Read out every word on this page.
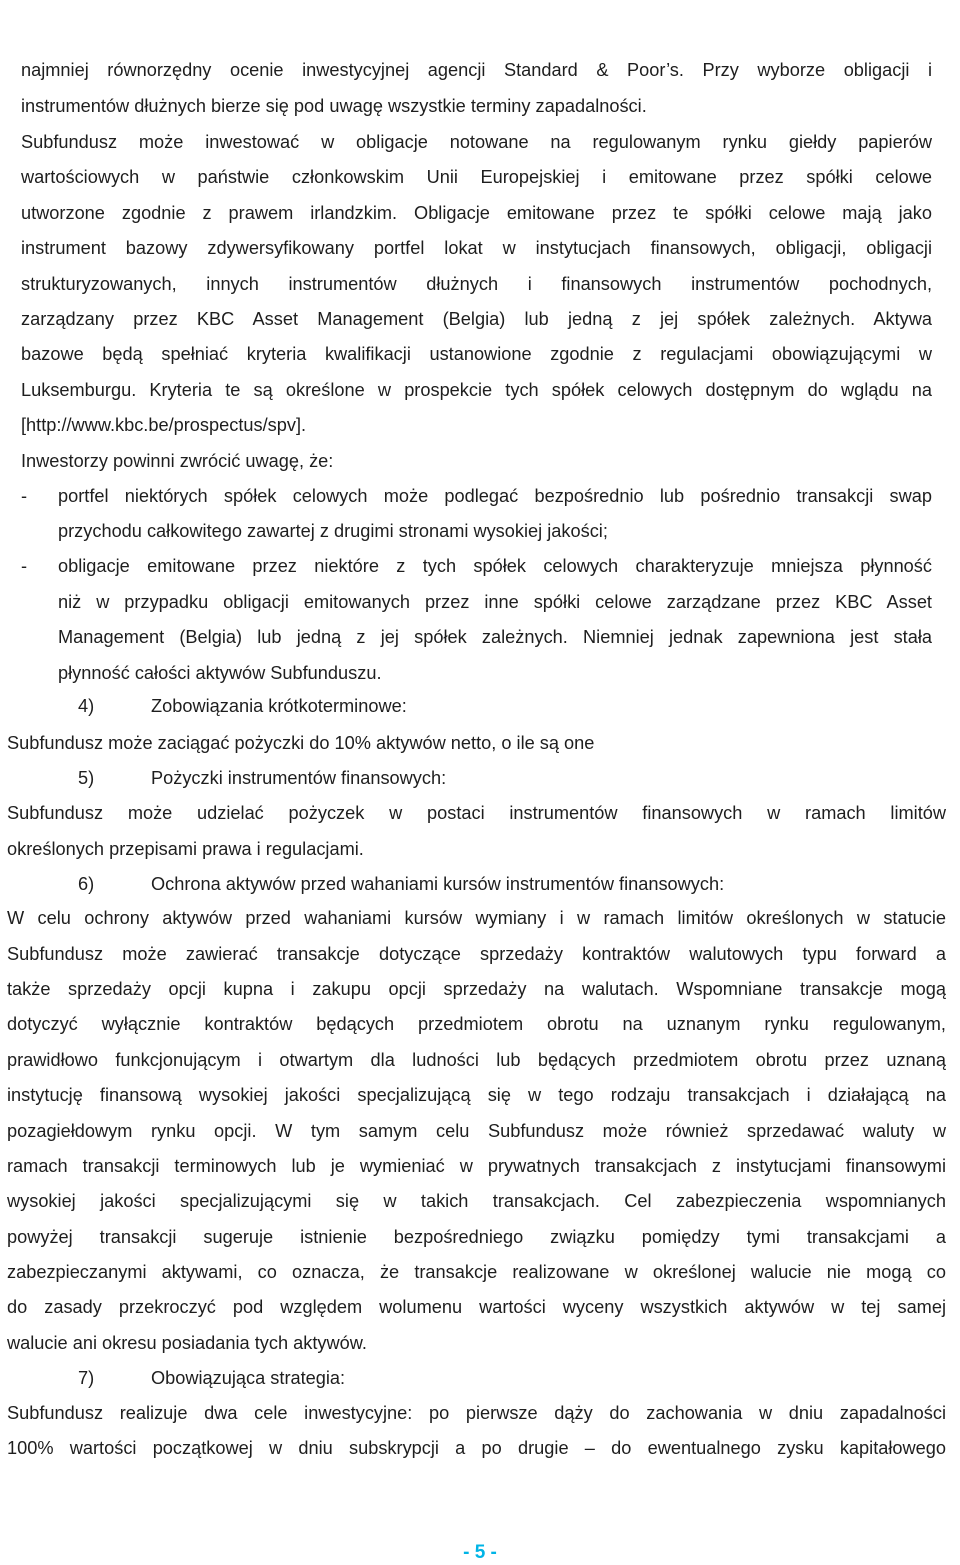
najmniej równorzędny ocenie inwestycyjnej agencji Standard & Poor’s. Przy wyborze obligacji i
instrumentów dłużnych bierze się pod uwagę wszystkie terminy zapadalności.
Subfundusz może inwestować w obligacje notowane na regulowanym rynku giełdy papierów
wartościowych w państwie członkowskim Unii Europejskiej i emitowane przez spółki celowe
utworzone zgodnie z prawem irlandzkim. Obligacje emitowane przez te spółki celowe mają jako
instrument bazowy zdywersyfikowany portfel lokat w instytucjach finansowych, obligacji, obligacji
strukturyzowanych, innych instrumentów dłużnych i finansowych instrumentów pochodnych,
zarządzany przez KBC Asset Management (Belgia) lub jedną z jej spółek zależnych. Aktywa
bazowe będą spełniać kryteria kwalifikacji ustanowione zgodnie z regulacjami obowiązującymi w
Luksemburgu. Kryteria te są określone w prospekcie tych spółek celowych dostępnym do wglądu na
[http://www.kbc.be/prospectus/spv].
Inwestorzy powinni zwrócić uwagę, że:
- portfel niektórych spółek celowych może podlegać bezpośrednio lub pośrednio transakcji swap
przychodu całkowitego zawartej z drugimi stronami wysokiej jakości;
- obligacje emitowane przez niektóre z tych spółek celowych charakteryzuje mniejsza płynność
niż w przypadku obligacji emitowanych przez inne spółki celowe zarządzane przez KBC Asset
Management (Belgia) lub jedną z jej spółek zależnych. Niemniej jednak zapewniona jest stała
płynność całości aktywów Subfunduszu.
4)	Zobowiązania krótkoterminowe:
Subfundusz może zaciągać pożyczki do 10% aktywów netto, o ile są one
5)	Pożyczki instrumentów finansowych:
Subfundusz może udzielać pożyczek w postaci instrumentów finansowych w ramach limitów
określonych przepisami prawa i regulacjami.
6)	Ochrona aktywów przed wahaniami kursów instrumentów finansowych:
W celu ochrony aktywów przed wahaniami kursów wymiany i w ramach limitów określonych w statucie
Subfundusz może zawierać transakcje dotyczące sprzedaży kontraktów walutowych typu forward a
także sprzedaży opcji kupna i zakupu opcji sprzedaży na walutach. Wspomniane transakcje mogą
dotyczyć wyłącznie kontraktów będących przedmiotem obrotu na uznanym rynku regulowanym,
prawidłowo funkcjonującym i otwartym dla ludności lub będących przedmiotem obrotu przez uznaną
instytucję finansową wysokiej jakości specjalizującą się w tego rodzaju transakcjach i działającą na
pozagiełdowym rynku opcji. W tym samym celu Subfundusz może również sprzedawać waluty w
ramach transakcji terminowych lub je wymieniać w prywatnych transakcjach z instytucjami finansowymi
wysokiej jakości specjalizującymi się w takich transakcjach. Cel zabezpieczenia wspomnianych
powyżej transakcji sugeruje istnienie bezpośredniego związku pomiędzy tymi transakcjami a
zabezpieczanymi aktywami, co oznacza, że transakcje realizowane w określonej walucie nie mogą co
do zasady przekroczyć pod względem wolumenu wartości wyceny wszystkich aktywów w tej samej
walucie ani okresu posiadania tych aktywów.
7)	Obowiązująca strategia:
Subfundusz realizuje dwa cele inwestycyjne: po pierwsze dąży do zachowania w dniu zapadalności
100% wartości początkowej w dniu subskrypcji a po drugie – do ewentualnego zysku kapitałowego
- 5 -
